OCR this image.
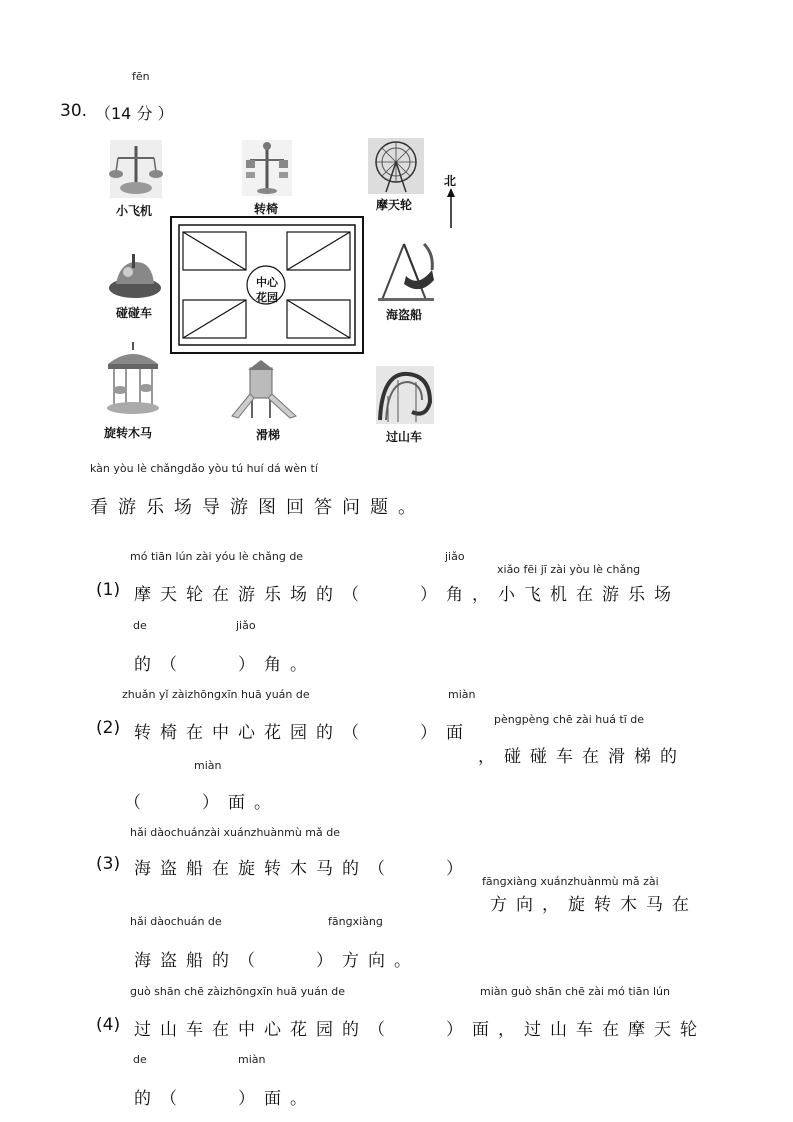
fēn
30. （14 分 ）
北
中心
花园
小飞机	转椅	摩天轮
碰碰车	海盗船
旋转木马	滑梯	过山车
kàn yòu lè chǎnɡdǎo yòu tú huí dá wèn tí
看游乐场导游图回答问题。
mó tiān lún zài yóu lè chǎnɡ de	jiǎo
xiǎo fēi jī zài yòu lè chǎnɡ
(1) 摩天轮在游乐场的（　　）角，小飞机在游乐场
de	jiǎo
的（　　）角。
zhuǎn yǐ zàizhōnɡxīn huā yuán de	miàn
pènɡpènɡ chē zài huá tī de
(2) 转椅在中心花园的（　　）面
，碰碰车在滑梯的
miàn
（　　）面。
hǎi dàochuánzài xuánzhuànmù mǎ de
(3) 海盗船在旋转木马的（　　）
fānɡxiànɡ xuánzhuànmù mǎ zài
方向，旋转木马在
hǎi dàochuán de	fānɡxiànɡ
海盗船的（　　）方向。
ɡuò shān chē zàizhōnɡxīn huā yuán de	miàn ɡuò shān chē zài mó tiān lún
(4) 过山车在中心花园的（　　）面，过山车在摩天轮
de	miàn
的（　　）面。
